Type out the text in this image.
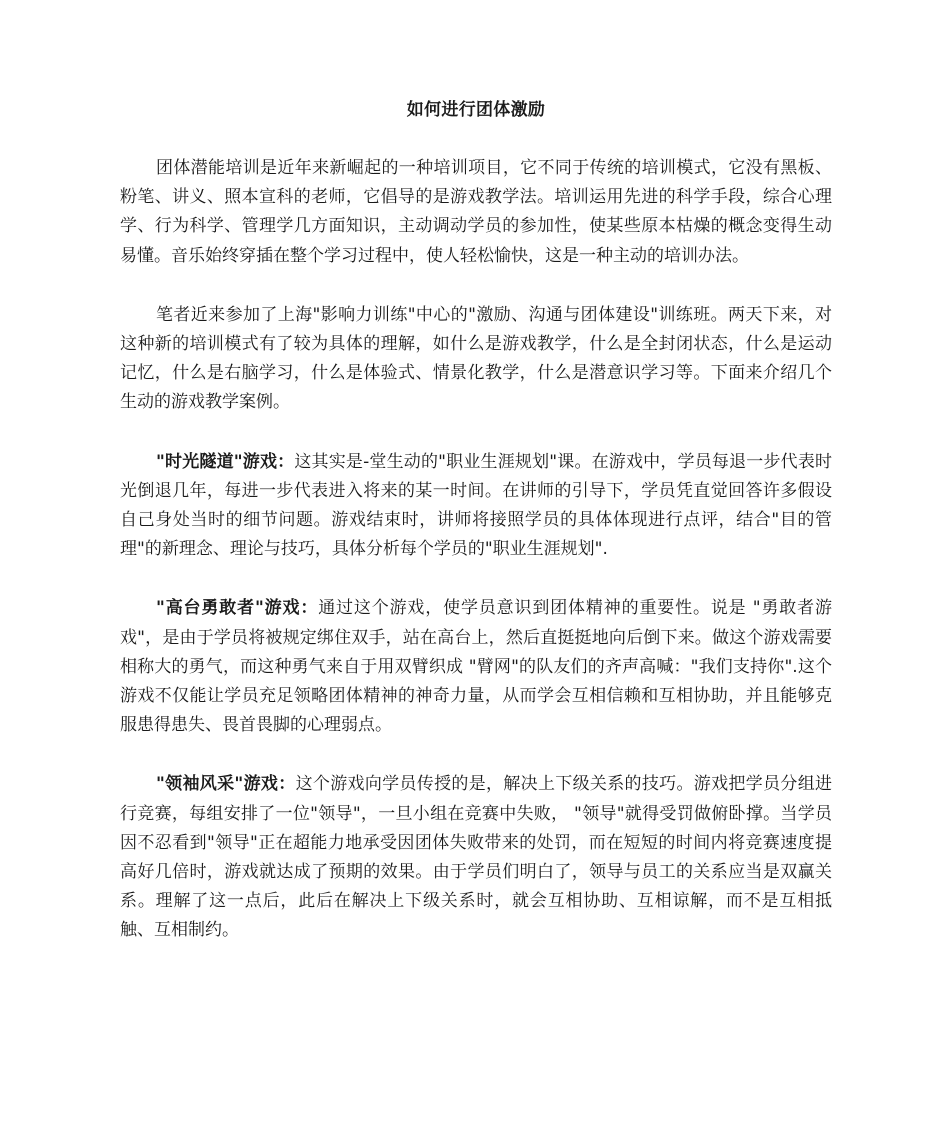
如何进行团体激励

团体潜能培训是近年来新崛起的一种培训项目，它不同于传统的培训模式，它没有黑板、粉笔、讲义、照本宣科的老师，它倡导的是游戏教学法。培训运用先进的科学手段，综合心理学、行为科学、管理学几方面知识，主动调动学员的参加性，使某些原本枯燥的概念变得生动易懂。音乐始终穿插在整个学习过程中，使人轻松愉快，这是一种主动的培训办法。

笔者近来参加了上海"影响力训练"中心的"激励、沟通与团体建设"训练班。两天下来，对这种新的培训模式有了较为具体的理解，如什么是游戏教学，什么是全封闭状态，什么是运动记忆，什么是右脑学习，什么是体验式、情景化教学，什么是潜意识学习等。下面来介绍几个生动的游戏教学案例。

"时光隧道"游戏：这其实是-堂生动的"职业生涯规划"课。在游戏中，学员每退一步代表时光倒退几年，每进一步代表进入将来的某一时间。在讲师的引导下，学员凭直觉回答许多假设自己身处当时的细节问题。游戏结束时，讲师将接照学员的具体体现进行点评，结合"目的管理"的新理念、理论与技巧，具体分析每个学员的"职业生涯规划".

"高台勇敢者"游戏：通过这个游戏，使学员意识到团体精神的重要性。说是 "勇敢者游戏"，是由于学员将被规定绑住双手，站在高台上，然后直挺挺地向后倒下来。做这个游戏需要相称大的勇气，而这种勇气来自于用双臂织成 "臂网"的队友们的齐声高喊："我们支持你".这个游戏不仅能让学员充足领略团体精神的神奇力量，从而学会互相信赖和互相协助，并且能够克服患得患失、畏首畏脚的心理弱点。

"领袖风采"游戏：这个游戏向学员传授的是，解决上下级关系的技巧。游戏把学员分组进行竞赛，每组安排了一位"领导"，一旦小组在竞赛中失败， "领导"就得受罚做俯卧撑。当学员因不忍看到"领导"正在超能力地承受因团体失败带来的处罚，而在短短的时间内将竞赛速度提高好几倍时，游戏就达成了预期的效果。由于学员们明白了，领导与员工的关系应当是双赢关系。理解了这一点后，此后在解决上下级关系时，就会互相协助、互相谅解，而不是互相抵触、互相制约。
